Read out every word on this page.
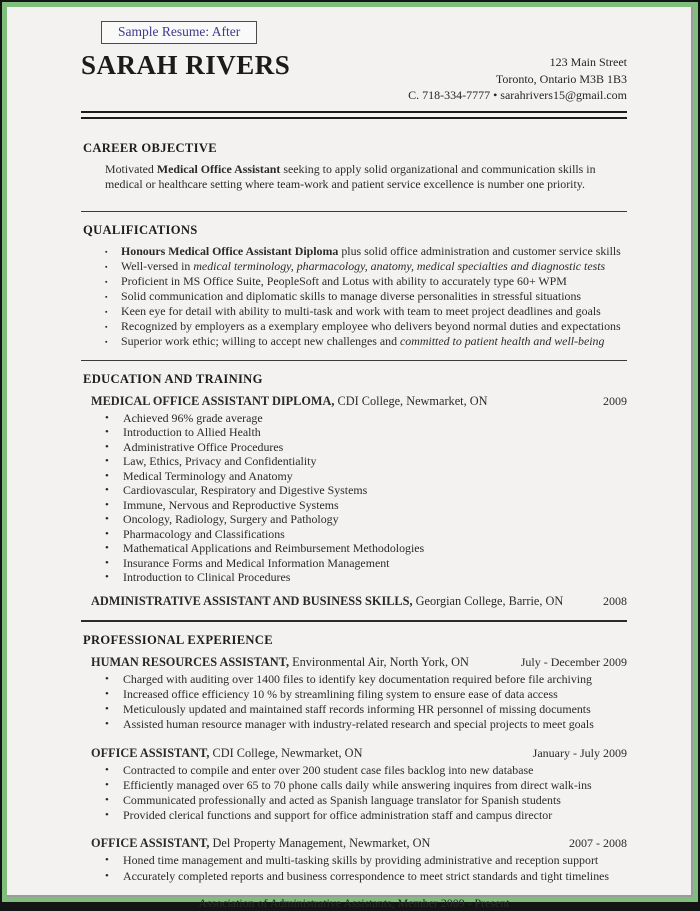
Sample Resume: After
SARAH RIVERS	123 Main Street
Toronto, Ontario M3B 1B3
C. 718-334-7777 • sarahrivers15@gmail.com
CAREER OBJECTIVE

Motivated Medical Office Assistant seeking to apply solid organizational and communication skills in medical or healthcare setting where team-work and patient service excellence is number one priority.

QUALIFICATIONS
▪ Honours Medical Office Assistant Diploma plus solid office administration and customer service skills
▪ Well-versed in medical terminology, pharmacology, anatomy, medical specialties and diagnostic tests
▪ Proficient in MS Office Suite, PeopleSoft and Lotus with ability to accurately type 60+ WPM
▪ Solid communication and diplomatic skills to manage diverse personalities in stressful situations
▪ Keen eye for detail with ability to multi-task and work with team to meet project deadlines and goals
▪ Recognized by employers as a exemplary employee who delivers beyond normal duties and expectations
▪ Superior work ethic; willing to accept new challenges and committed to patient health and well-being
EDUCATION AND TRAINING
MEDICAL OFFICE ASSISTANT DIPLOMA, CDI College, Newmarket, ON	2009
• Achieved 96% grade average
• Introduction to Allied Health
• Administrative Office Procedures
• Law, Ethics, Privacy and Confidentiality
• Medical Terminology and Anatomy
• Cardiovascular, Respiratory and Digestive Systems
• Immune, Nervous and Reproductive Systems
• Oncology, Radiology, Surgery and Pathology
• Pharmacology and Classifications
• Mathematical Applications and Reimbursement Methodologies
• Insurance Forms and Medical Information Management
• Introduction to Clinical Procedures
ADMINISTRATIVE ASSISTANT AND BUSINESS SKILLS, Georgian College, Barrie, ON	2008
PROFESSIONAL EXPERIENCE
HUMAN RESOURCES ASSISTANT, Environmental Air, North York, ON	July - December 2009
• Charged with auditing over 1400 files to identify key documentation required before file archiving
• Increased office efficiency 10 % by streamlining filing system to ensure ease of data access
• Meticulously updated and maintained staff records informing HR personnel of missing documents
• Assisted human resource manager with industry-related research and special projects to meet goals
OFFICE ASSISTANT, CDI College, Newmarket, ON	January - July 2009
• Contracted to compile and enter over 200 student case files backlog into new database
• Efficiently managed over 65 to 70 phone calls daily while answering inquires from direct walk-ins
• Communicated professionally and acted as Spanish language translator for Spanish students
• Provided clerical functions and support for office administration staff and campus director
OFFICE ASSISTANT, Del Property Management, Newmarket, ON	2007 - 2008
• Honed time management and multi-tasking skills by providing administrative and reception support
• Accurately completed reports and business correspondence to meet strict standards and tight timelines
Association of Administrative Assistants, Member 2009 - Present
